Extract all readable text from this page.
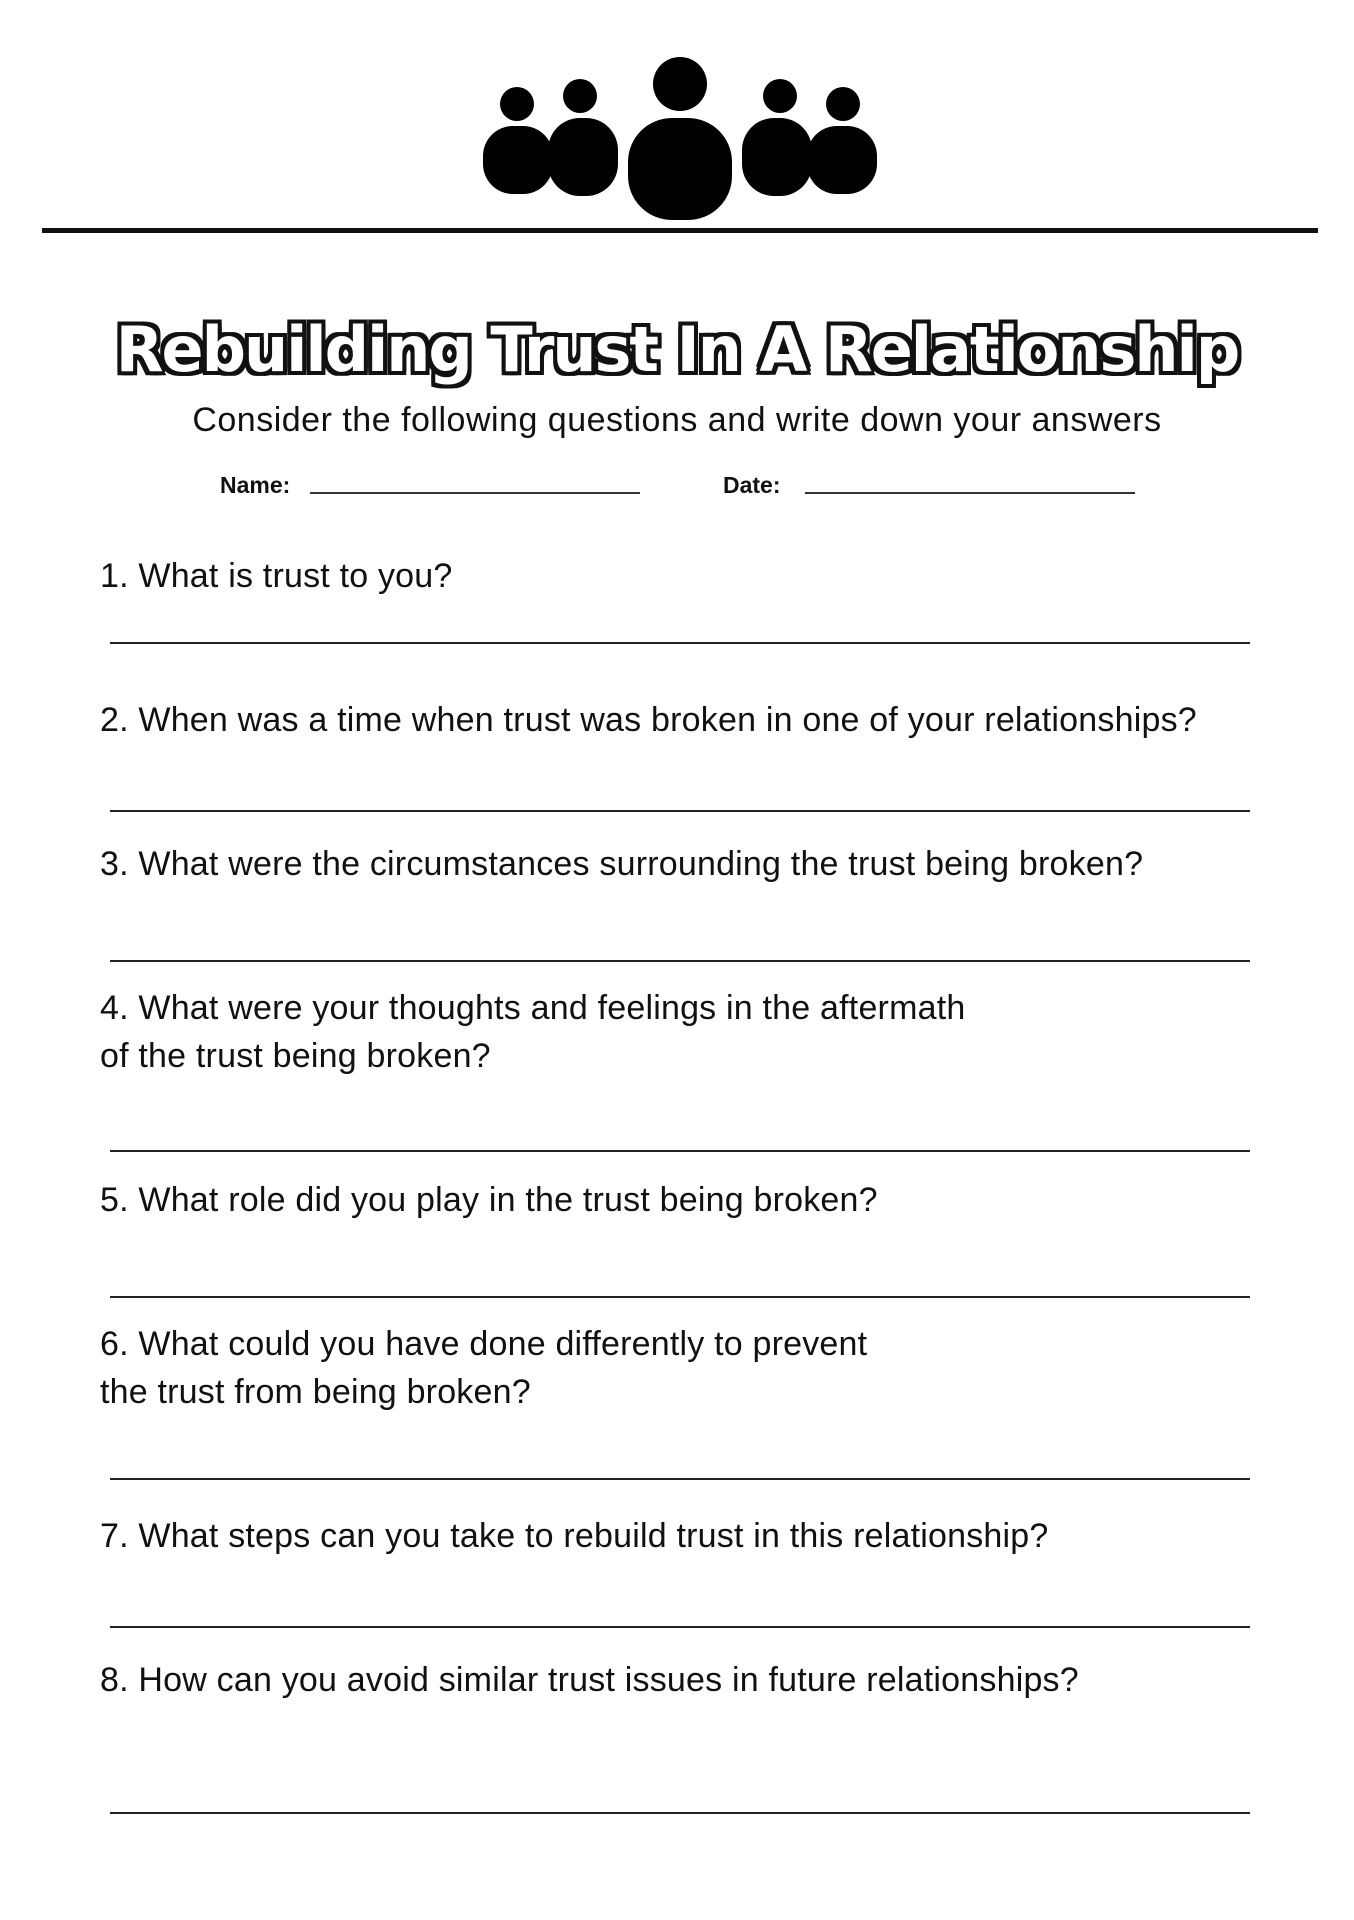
Rebuilding Trust In A Relationship
Consider the following questions and write down your answers
Name:	Date:
1. What is trust to you?
2. When was a time when trust was broken in one of your relationships?
3. What were the circumstances surrounding the trust being broken?
4. What were your thoughts and feelings in the aftermath
of the trust being broken?
5. What role did you play in the trust being broken?
6. What could you have done differently to prevent
the trust from being broken?
7. What steps can you take to rebuild trust in this relationship?
8. How can you avoid similar trust issues in future relationships?
